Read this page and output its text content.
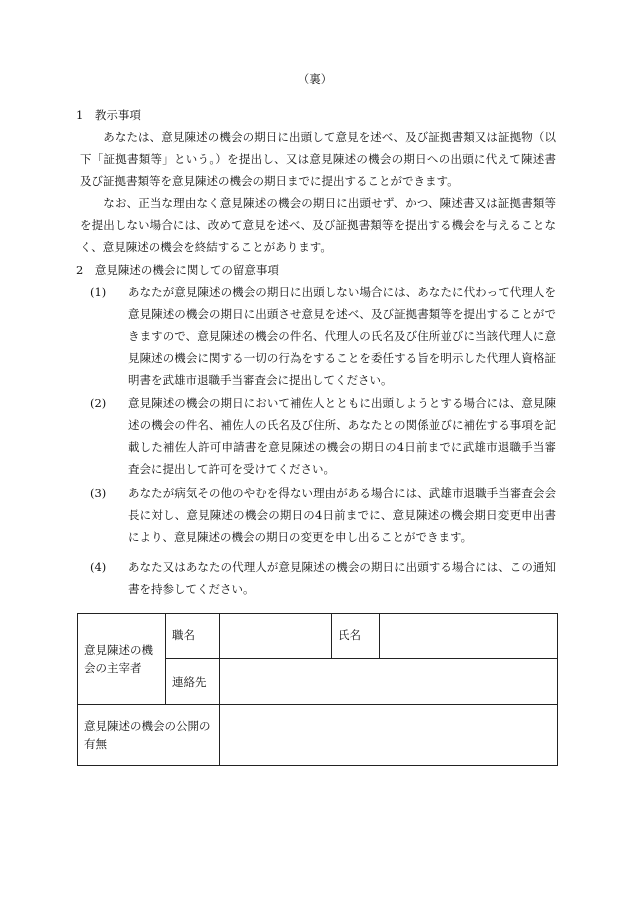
（裏）
1　教示事項
　　あなたは、意見陳述の機会の期日に出頭して意見を述べ、及び証拠書類又は証拠物（以下「証拠書類等」という。）を提出し、又は意見陳述の機会の期日への出頭に代えて陳述書及び証拠書類等を意見陳述の機会の期日までに提出することができます。
　　なお、正当な理由なく意見陳述の機会の期日に出頭せず、かつ、陳述書又は証拠書類等を提出しない場合には、改めて意見を述べ、及び証拠書類等を提出する機会を与えることなく、意見陳述の機会を終結することがあります。
2　意見陳述の機会に関しての留意事項
(1)	あなたが意見陳述の機会の期日に出頭しない場合には、あなたに代わって代理人を意見陳述の機会の期日に出頭させ意見を述べ、及び証拠書類等を提出することができますので、意見陳述の機会の件名、代理人の氏名及び住所並びに当該代理人に意見陳述の機会に関する一切の行為をすることを委任する旨を明示した代理人資格証明書を武雄市退職手当審査会に提出してください。
(2)	意見陳述の機会の期日において補佐人とともに出頭しようとする場合には、意見陳述の機会の件名、補佐人の氏名及び住所、あなたとの関係並びに補佐する事項を記載した補佐人許可申請書を意見陳述の機会の期日の4日前までに武雄市退職手当審査会に提出して許可を受けてください。
(3)	あなたが病気その他のやむを得ない理由がある場合には、武雄市退職手当審査会会長に対し、意見陳述の機会の期日の4日前までに、意見陳述の機会期日変更申出書により、意見陳述の機会の期日の変更を申し出ることができます。
(4)	あなた又はあなたの代理人が意見陳述の機会の期日に出頭する場合には、この通知書を持参してください。
意見陳述の機会の主宰者	職名		氏名	
	連絡先			
意見陳述の機会の公開の有無				
